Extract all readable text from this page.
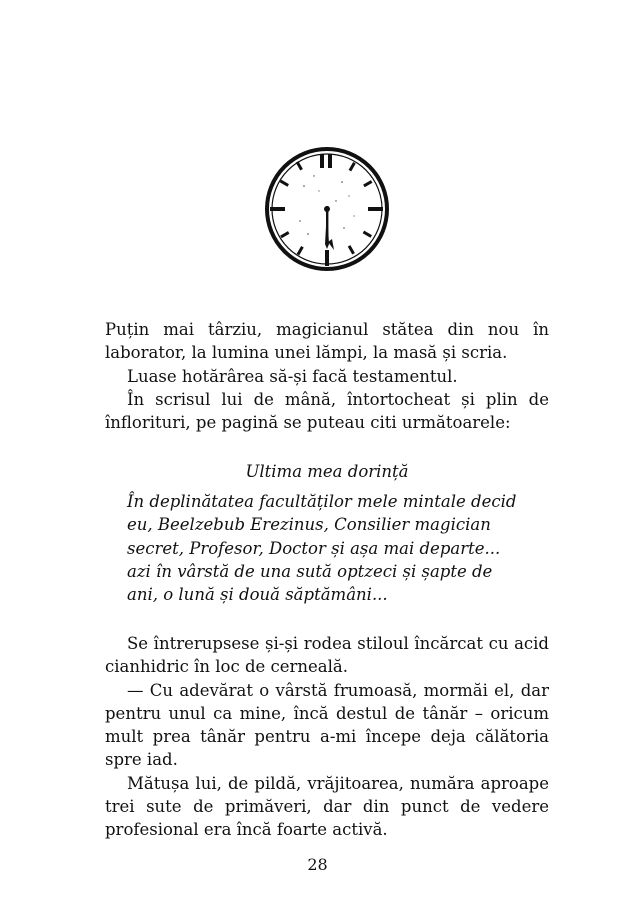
Puțin mai târziu, magicianul stătea din nou în laborator, la lumina unei lămpi, la masă și scria.

Luase hotărârea să-și facă testamentul.

În scrisul lui de mână, întortocheat și plin de înflorituri, pe pagină se puteau citi următoarele:

Ultima mea dorință

În deplinătatea facultăților mele mintale decid eu, Beelzebub Erezinus, Consilier magician secret, Profesor, Doctor și așa mai departe... azi în vârstă de una sută optzeci și șapte de ani, o lună și două săptămâni...

Se întrerupsese și-și rodea stiloul încărcat cu acid cianhidric în loc de cerneală.

— Cu adevărat o vârstă frumoasă, mormăi el, dar pentru unul ca mine, încă destul de tânăr – oricum mult prea tânăr pentru a-mi începe deja călătoria spre iad.

Mătușa lui, de pildă, vrăjitoarea, număra aproape trei sute de primăveri, dar din punct de vedere profesional era încă foarte activă.

28
